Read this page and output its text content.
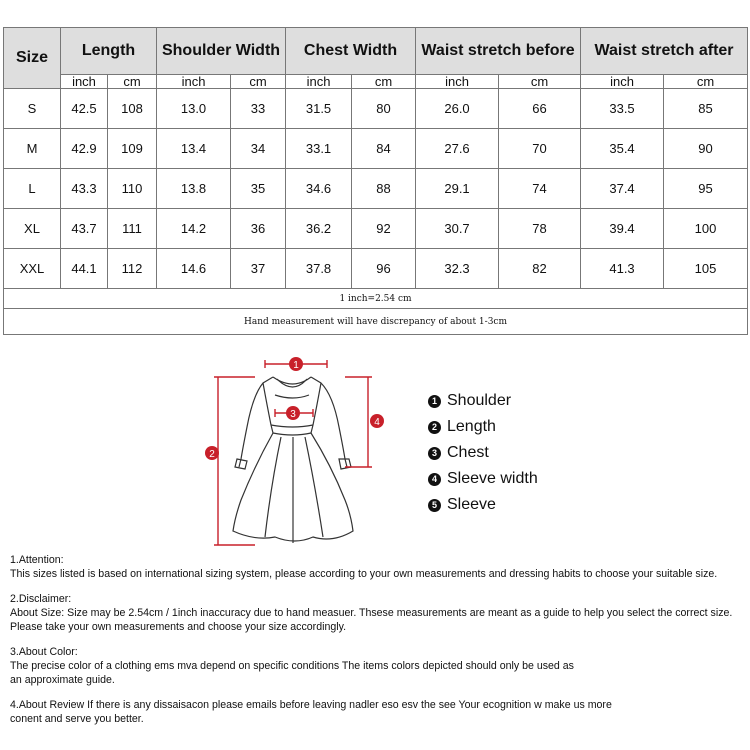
Size	Length		Shoulder Width		Chest Width		Waist stretch before		Waist stretch after	
	inch	cm	inch	cm	inch	cm	inch	cm	inch	cm
S	42.5	108	13.0	33	31.5	80	26.0	66	33.5	85
M	42.9	109	13.4	34	33.1	84	27.6	70	35.4	90
L	43.3	110	13.8	35	34.6	88	29.1	74	37.4	95
XL	43.7	111	14.2	36	36.2	92	30.7	78	39.4	100
XXL	44.1	112	14.6	37	37.8	96	32.3	82	41.3	105
1 inch=2.54 cm										
Hand measurement will have discrepancy of about 1-3cm										
1
2
3
4
1 Shoulder
2 Length
3 Chest
4 Sleeve width
5 Sleeve

1.Attention:
This sizes listed is based on international sizing system, please according to your own measurements and dressing habits to choose your suitable size.

2.Disclaimer:
About Size: Size may be 2.54cm / 1inch inaccuracy due to hand measuer. Thsese measurements are meant as a guide to help you select the correct size.
Please take your own measurements and choose your size accordingly.

3.About Color:
The precise color of a clothing ems mva depend on specific conditions The items colors depicted should only be used as
an approximate guide.

4.About Review If there is any dissaisacon please emails before leaving nadler eso esv the see Your ecognition w make us more
conent and serve you better.
